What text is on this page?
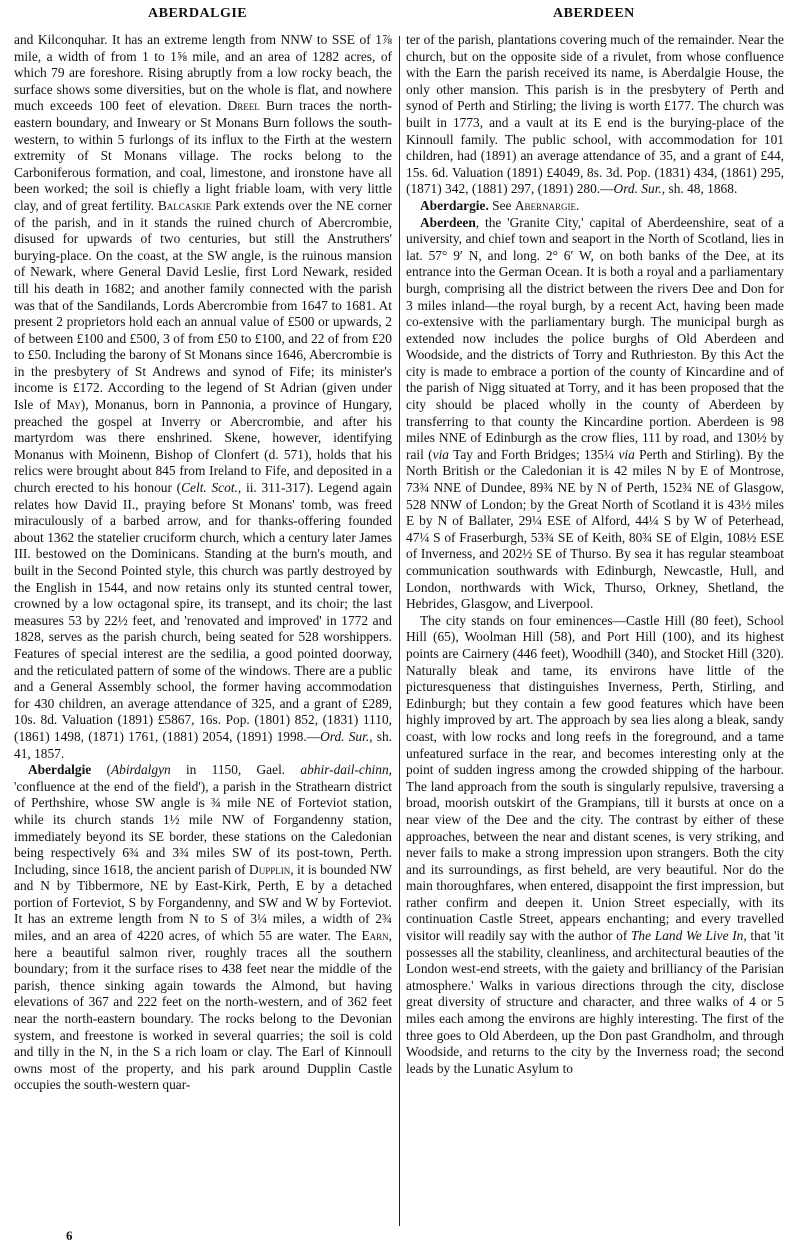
ABERDALGIE	ABERDEEN

and Kilconquhar. It has an extreme length from NNW to SSE of 1⅞ mile, a width of from 1 to 1⅝ mile, and an area of 1282 acres, of which 79 are foreshore. Rising abruptly from a low rocky beach, the surface shows some diversities, but on the whole is flat, and nowhere much exceeds 100 feet of elevation. Dreel Burn traces the north-eastern boundary, and Inweary or St Monans Burn follows the south-western, to within 5 furlongs of its influx to the Firth at the western extremity of St Monans village. The rocks belong to the Carboniferous formation, and coal, limestone, and ironstone have all been worked; the soil is chiefly a light friable loam, with very little clay, and of great fertility. Balcaskie Park extends over the NE corner of the parish, and in it stands the ruined church of Abercrombie, disused for upwards of two centuries, but still the Anstruthers' burying-place. On the coast, at the SW angle, is the ruinous mansion of Newark, where General David Leslie, first Lord Newark, resided till his death in 1682; and another family connected with the parish was that of the Sandilands, Lords Abercrombie from 1647 to 1681. At present 2 proprietors hold each an annual value of £500 or upwards, 2 of between £100 and £500, 3 of from £50 to £100, and 22 of from £20 to £50. Including the barony of St Monans since 1646, Abercrombie is in the presbytery of St Andrews and synod of Fife; its minister's income is £172. According to the legend of St Adrian (given under Isle of May), Monanus, born in Pannonia, a province of Hungary, preached the gospel at Inverry or Abercrombie, and after his martyrdom was there enshrined. Skene, however, identifying Monanus with Moinenn, Bishop of Clonfert (d. 571), holds that his relics were brought about 845 from Ireland to Fife, and deposited in a church erected to his honour (Celt. Scot., ii. 311-317). Legend again relates how David II., praying before St Monans' tomb, was freed miraculously of a barbed arrow, and for thanks-offering founded about 1362 the statelier cruciform church, which a century later James III. bestowed on the Dominicans. Standing at the burn's mouth, and built in the Second Pointed style, this church was partly destroyed by the English in 1544, and now retains only its stunted central tower, crowned by a low octagonal spire, its transept, and its choir; the last measures 53 by 22½ feet, and 'renovated and improved' in 1772 and 1828, serves as the parish church, being seated for 528 worshippers. Features of special interest are the sedilia, a good pointed doorway, and the reticulated pattern of some of the windows. There are a public and a General Assembly school, the former having accommodation for 430 children, an average attendance of 325, and a grant of £289, 10s. 8d. Valuation (1891) £5867, 16s. Pop. (1801) 852, (1831) 1110, (1861) 1498, (1871) 1761, (1881) 2054, (1891) 1998.—Ord. Sur., sh. 41, 1857.

Aberdalgie (Abirdalgyn in 1150, Gael. abhir-dail-chinn, 'confluence at the end of the field'), a parish in the Strathearn district of Perthshire, whose SW angle is ¾ mile NE of Forteviot station, while its church stands 1½ mile NW of Forgandenny station, immediately beyond its SE border, these stations on the Caledonian being respectively 6¾ and 3¾ miles SW of its post-town, Perth. Including, since 1618, the ancient parish of Dupplin, it is bounded NW and N by Tibbermore, NE by East-Kirk, Perth, E by a detached portion of Forteviot, S by Forgandenny, and SW and W by Forteviot. It has an extreme length from N to S of 3¼ miles, a width of 2¾ miles, and an area of 4220 acres, of which 55 are water. The Earn, here a beautiful salmon river, roughly traces all the southern boundary; from it the surface rises to 438 feet near the middle of the parish, thence sinking again towards the Almond, but having elevations of 367 and 222 feet on the north-western, and of 362 feet near the north-eastern boundary. The rocks belong to the Devonian system, and freestone is worked in several quarries; the soil is cold and tilly in the N, in the S a rich loam or clay. The Earl of Kinnoull owns most of the property, and his park around Dupplin Castle occupies the south-western quar-

ter of the parish, plantations covering much of the remainder. Near the church, but on the opposite side of a rivulet, from whose confluence with the Earn the parish received its name, is Aberdalgie House, the only other mansion. This parish is in the presbytery of Perth and synod of Perth and Stirling; the living is worth £177. The church was built in 1773, and a vault at its E end is the burying-place of the Kinnoull family. The public school, with accommodation for 101 children, had (1891) an average attendance of 35, and a grant of £44, 15s. 6d. Valuation (1891) £4049, 8s. 3d. Pop. (1831) 434, (1861) 295, (1871) 342, (1881) 297, (1891) 280.—Ord. Sur., sh. 48, 1868.

Aberdargie. See Abernargie.

Aberdeen, the 'Granite City,' capital of Aberdeenshire, seat of a university, and chief town and seaport in the North of Scotland, lies in lat. 57° 9′ N, and long. 2° 6′ W, on both banks of the Dee, at its entrance into the German Ocean. It is both a royal and a parliamentary burgh, comprising all the district between the rivers Dee and Don for 3 miles inland—the royal burgh, by a recent Act, having been made co-extensive with the parliamentary burgh. The municipal burgh as extended now includes the police burghs of Old Aberdeen and Woodside, and the districts of Torry and Ruthrieston. By this Act the city is made to embrace a portion of the county of Kincardine and of the parish of Nigg situated at Torry, and it has been proposed that the city should be placed wholly in the county of Aberdeen by transferring to that county the Kincardine portion. Aberdeen is 98 miles NNE of Edinburgh as the crow flies, 111 by road, and 130½ by rail (via Tay and Forth Bridges; 135¼ via Perth and Stirling). By the North British or the Caledonian it is 42 miles N by E of Montrose, 73¾ NNE of Dundee, 89¾ NE by N of Perth, 152¾ NE of Glasgow, 528 NNW of London; by the Great North of Scotland it is 43½ miles E by N of Ballater, 29¼ ESE of Alford, 44¼ S by W of Peterhead, 47¼ S of Fraserburgh, 53¾ SE of Keith, 80¾ SE of Elgin, 108½ ESE of Inverness, and 202½ SE of Thurso. By sea it has regular steamboat communication southwards with Edinburgh, Newcastle, Hull, and London, northwards with Wick, Thurso, Orkney, Shetland, the Hebrides, Glasgow, and Liverpool.

The city stands on four eminences—Castle Hill (80 feet), School Hill (65), Woolman Hill (58), and Port Hill (100), and its highest points are Cairnery (446 feet), Woodhill (340), and Stocket Hill (320). Naturally bleak and tame, its environs have little of the picturesqueness that distinguishes Inverness, Perth, Stirling, and Edinburgh; but they contain a few good features which have been highly improved by art. The approach by sea lies along a bleak, sandy coast, with low rocks and long reefs in the foreground, and a tame unfeatured surface in the rear, and becomes interesting only at the point of sudden ingress among the crowded shipping of the harbour. The land approach from the south is singularly repulsive, traversing a broad, moorish outskirt of the Grampians, till it bursts at once on a near view of the Dee and the city. The contrast by either of these approaches, between the near and distant scenes, is very striking, and never fails to make a strong impression upon strangers. Both the city and its surroundings, as first beheld, are very beautiful. Nor do the main thoroughfares, when entered, disappoint the first impression, but rather confirm and deepen it. Union Street especially, with its continuation Castle Street, appears enchanting; and every travelled visitor will readily say with the author of The Land We Live In, that 'it possesses all the stability, cleanliness, and architectural beauties of the London west-end streets, with the gaiety and brilliancy of the Parisian atmosphere.' Walks in various directions through the city, disclose great diversity of structure and character, and three walks of 4 or 5 miles each among the environs are highly interesting. The first of the three goes to Old Aberdeen, up the Don past Grandholm, and through Woodside, and returns to the city by the Inverness road; the second leads by the Lunatic Asylum to

6
